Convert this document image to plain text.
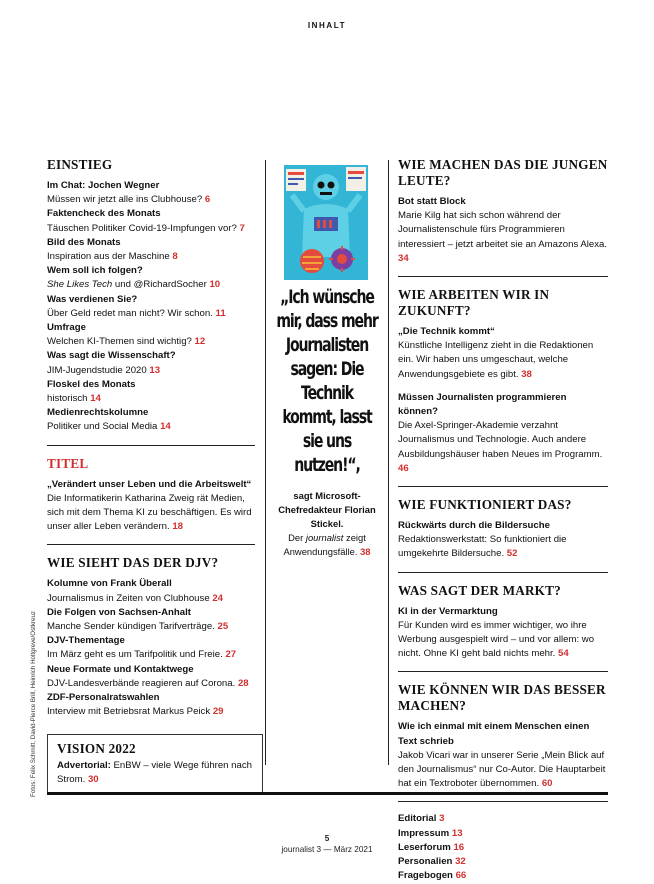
INHALT
EINSTIEG
Im Chat: Jochen Wegner
Müssen wir jetzt alle ins Clubhouse? 6
Faktencheck des Monats
Täuschen Politiker Covid-19-Impfungen vor? 7
Bild des Monats
Inspiration aus der Maschine 8
Wem soll ich folgen?
She Likes Tech und @RichardSocher 10
Was verdienen Sie?
Über Geld redet man nicht? Wir schon. 11
Umfrage
Welchen KI-Themen sind wichtig? 12
Was sagt die Wissenschaft?
JIM-Jugendstudie 2020 13
Floskel des Monats
historisch 14
Medienrechtskolumne
Politiker und Social Media 14
TITEL
„Verändert unser Leben und die Arbeitswelt“
Die Informatikerin Katharina Zweig rät Medien, sich mit dem Thema KI zu beschäftigen. Es wird unser aller Leben verändern. 18
WIE SIEHT DAS DER DJV?
Kolumne von Frank Überall
Journalismus in Zeiten von Clubhouse 24
Die Folgen von Sachsen-Anhalt
Manche Sender kündigen Tarifverträge. 25
DJV-Thementage
Im März geht es um Tarifpolitik und Freie. 27
Neue Formate und Kontaktwege
DJV-Landesverbände reagieren auf Corona. 28
ZDF-Personalratswahlen
Interview mit Betriebsrat Markus Peick 29
VISION 2022
Advertorial: EnBW – viele Wege führen nach Strom. 30
„Ich wünsche mir, dass mehr Journalisten sagen: Die Technik kommt, lasst sie uns nutzen!“,
sagt Microsoft-Chefredakteur Florian Stickel.
Der journalist zeigt Anwendungsfälle. 38
WIE MACHEN DAS DIE JUNGEN LEUTE?
Bot statt Block
Marie Kilg hat sich schon während der Journalistenschule fürs Programmieren interessiert – jetzt arbeitet sie an Amazons Alexa. 34
WIE ARBEITEN WIR IN ZUKUNFT?
„Die Technik kommt“
Künstliche Intelligenz zieht in die Redaktionen ein. Wir haben uns umgeschaut, welche Anwendungsgebiete es gibt. 38
Müssen Journalisten programmieren können?
Die Axel-Springer-Akademie verzahnt Journalismus und Technologie. Auch andere Ausbildungshäuser haben Neues im Programm. 46
WIE FUNKTIONIERT DAS?
Rückwärts durch die Bildersuche
Redaktionswerkstatt: So funktioniert die umgekehrte Bildersuche. 52
WAS SAGT DER MARKT?
KI in der Vermarktung
Für Kunden wird es immer wichtiger, wo ihre Werbung ausgespielt wird – und vor allem: wo nicht. Ohne KI geht bald nichts mehr. 54
WIE KÖNNEN WIR DAS BESSER MACHEN?
Wie ich einmal mit einem Menschen einen Text schrieb
Jakob Vicari war in unserer Serie „Mein Blick auf den Journalismus“ nur Co-Autor. Die Hauptarbeit hat ein Textroboter übernommen. 60
Editorial 3
Impressum 13
Leserforum 16
Personalien 32
Fragebogen 66
Fotos: Felix Schmitt, David-Pierce Brill, Heinrich Holtgreve/Ostkreuz
5
journalist 3 — März 2021
